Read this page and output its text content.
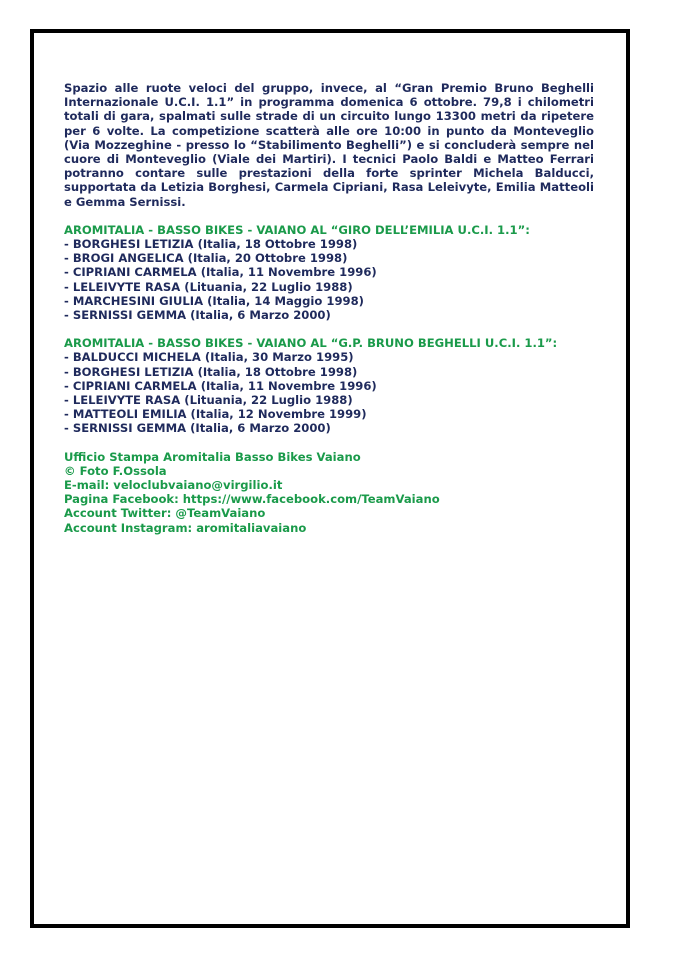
Spazio alle ruote veloci del gruppo, invece, al “Gran Premio Bruno Beghelli Internazionale U.C.I. 1.1” in programma domenica 6 ottobre. 79,8 i chilometri totali di gara, spalmati sulle strade di un circuito lungo 13300 metri da ripetere per 6 volte. La competizione scatterà alle ore 10:00 in punto da Monteveglio (Via Mozzeghine - presso lo “Stabilimento Beghelli”) e si concluderà sempre nel cuore di Monteveglio (Viale dei Martiri). I tecnici Paolo Baldi e Matteo Ferrari potranno contare sulle prestazioni della forte sprinter Michela Balducci, supportata da Letizia Borghesi, Carmela Cipriani, Rasa Leleivyte, Emilia Matteoli e Gemma Sernissi.

AROMITALIA - BASSO BIKES - VAIANO AL “GIRO DELL’EMILIA U.C.I. 1.1”:

- BORGHESI LETIZIA (Italia, 18 Ottobre 1998)

- BROGI ANGELICA (Italia, 20 Ottobre 1998)

- CIPRIANI CARMELA (Italia, 11 Novembre 1996)

- LELEIVYTE RASA (Lituania, 22 Luglio 1988)

- MARCHESINI GIULIA (Italia, 14 Maggio 1998)

- SERNISSI GEMMA (Italia, 6 Marzo 2000)

AROMITALIA - BASSO BIKES - VAIANO AL “G.P. BRUNO BEGHELLI U.C.I. 1.1”:

- BALDUCCI MICHELA (Italia, 30 Marzo 1995)

- BORGHESI LETIZIA (Italia, 18 Ottobre 1998)

- CIPRIANI CARMELA (Italia, 11 Novembre 1996)

- LELEIVYTE RASA (Lituania, 22 Luglio 1988)

- MATTEOLI EMILIA (Italia, 12 Novembre 1999)

- SERNISSI GEMMA (Italia, 6 Marzo 2000)

Ufficio Stampa Aromitalia Basso Bikes Vaiano

© Foto F.Ossola

E-mail: veloclubvaiano@virgilio.it

Pagina Facebook: https://www.facebook.com/TeamVaiano

Account Twitter: @TeamVaiano

Account Instagram: aromitaliavaiano
